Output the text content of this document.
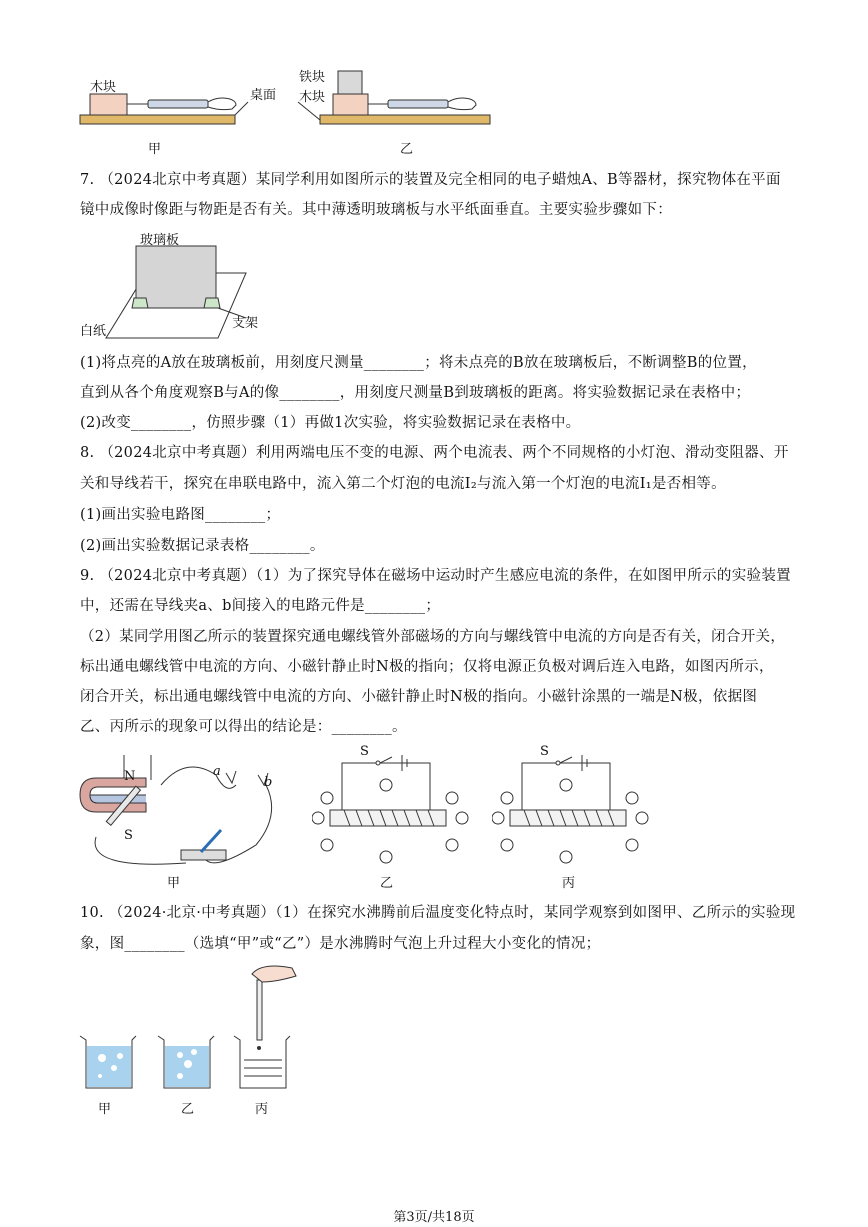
木块
桌面
铁块
木块
甲	乙
7. （2024北京中考真题）某同学利用如图所示的装置及完全相同的电子蜡烛A、B等器材，探究物体在平面
镜中成像时像距与物距是否有关。其中薄透明玻璃板与水平纸面垂直。主要实验步骤如下：
玻璃板
白纸
支架
(1)将点亮的A放在玻璃板前，用刻度尺测量________；将未点亮的B放在玻璃板后，不断调整B的位置，
直到从各个角度观察B与A的像________，用刻度尺测量B到玻璃板的距离。将实验数据记录在表格中；
(2)改变________，仿照步骤（1）再做1次实验，将实验数据记录在表格中。
8. （2024北京中考真题）利用两端电压不变的电源、两个电流表、两个不同规格的小灯泡、滑动变阻器、开
关和导线若干，探究在串联电路中，流入第二个灯泡的电流I₂与流入第一个灯泡的电流I₁是否相等。
(1)画出实验电路图________；
(2)画出实验数据记录表格________。
9. （2024北京中考真题）（1）为了探究导体在磁场中运动时产生感应电流的条件，在如图甲所示的实验装置
中，还需在导线夹a、b间接入的电路元件是________；
（2）某同学用图乙所示的装置探究通电螺线管外部磁场的方向与螺线管中电流的方向是否有关，闭合开关，
标出通电螺线管中电流的方向、小磁针静止时N极的指向；仅将电源正负极对调后连入电路，如图丙所示，
闭合开关，标出通电螺线管中电流的方向、小磁针静止时N极的指向。小磁针涂黑的一端是N极，依据图
乙、丙所示的现象可以得出的结论是：________。
N
S
a
b
甲
S
乙
S
丙
10. （2024·北京·中考真题）（1）在探究水沸腾前后温度变化特点时，某同学观察到如图甲、乙所示的实验现
象，图________（选填“甲”或“乙”）是水沸腾时气泡上升过程大小变化的情况；
甲	乙	丙
第3页/共18页
